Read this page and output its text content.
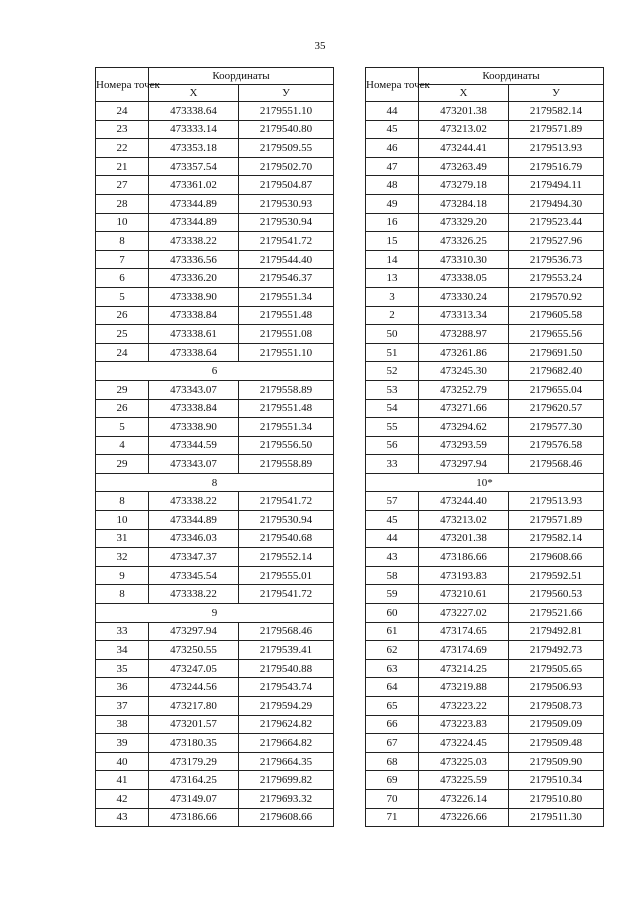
35
Номера точек	Координаты	
	X	У
24	473338.64	2179551.10
23	473333.14	2179540.80
22	473353.18	2179509.55
21	473357.54	2179502.70
27	473361.02	2179504.87
28	473344.89	2179530.93
10	473344.89	2179530.94
8	473338.22	2179541.72
7	473336.56	2179544.40
6	473336.20	2179546.37
5	473338.90	2179551.34
26	473338.84	2179551.48
25	473338.61	2179551.08
24	473338.64	2179551.10
6		
29	473343.07	2179558.89
26	473338.84	2179551.48
5	473338.90	2179551.34
4	473344.59	2179556.50
29	473343.07	2179558.89
8		
8	473338.22	2179541.72
10	473344.89	2179530.94
31	473346.03	2179540.68
32	473347.37	2179552.14
9	473345.54	2179555.01
8	473338.22	2179541.72
9		
33	473297.94	2179568.46
34	473250.55	2179539.41
35	473247.05	2179540.88
36	473244.56	2179543.74
37	473217.80	2179594.29
38	473201.57	2179624.82
39	473180.35	2179664.82
40	473179.29	2179664.35
41	473164.25	2179699.82
42	473149.07	2179693.32
43	473186.66	2179608.66
Номера точек	Координаты	
	X	У
44	473201.38	2179582.14
45	473213.02	2179571.89
46	473244.41	2179513.93
47	473263.49	2179516.79
48	473279.18	2179494.11
49	473284.18	2179494.30
16	473329.20	2179523.44
15	473326.25	2179527.96
14	473310.30	2179536.73
13	473338.05	2179553.24
3	473330.24	2179570.92
2	473313.34	2179605.58
50	473288.97	2179655.56
51	473261.86	2179691.50
52	473245.30	2179682.40
53	473252.79	2179655.04
54	473271.66	2179620.57
55	473294.62	2179577.30
56	473293.59	2179576.58
33	473297.94	2179568.46
10*		
57	473244.40	2179513.93
45	473213.02	2179571.89
44	473201.38	2179582.14
43	473186.66	2179608.66
58	473193.83	2179592.51
59	473210.61	2179560.53
60	473227.02	2179521.66
61	473174.65	2179492.81
62	473174.69	2179492.73
63	473214.25	2179505.65
64	473219.88	2179506.93
65	473223.22	2179508.73
66	473223.83	2179509.09
67	473224.45	2179509.48
68	473225.03	2179509.90
69	473225.59	2179510.34
70	473226.14	2179510.80
71	473226.66	2179511.30
